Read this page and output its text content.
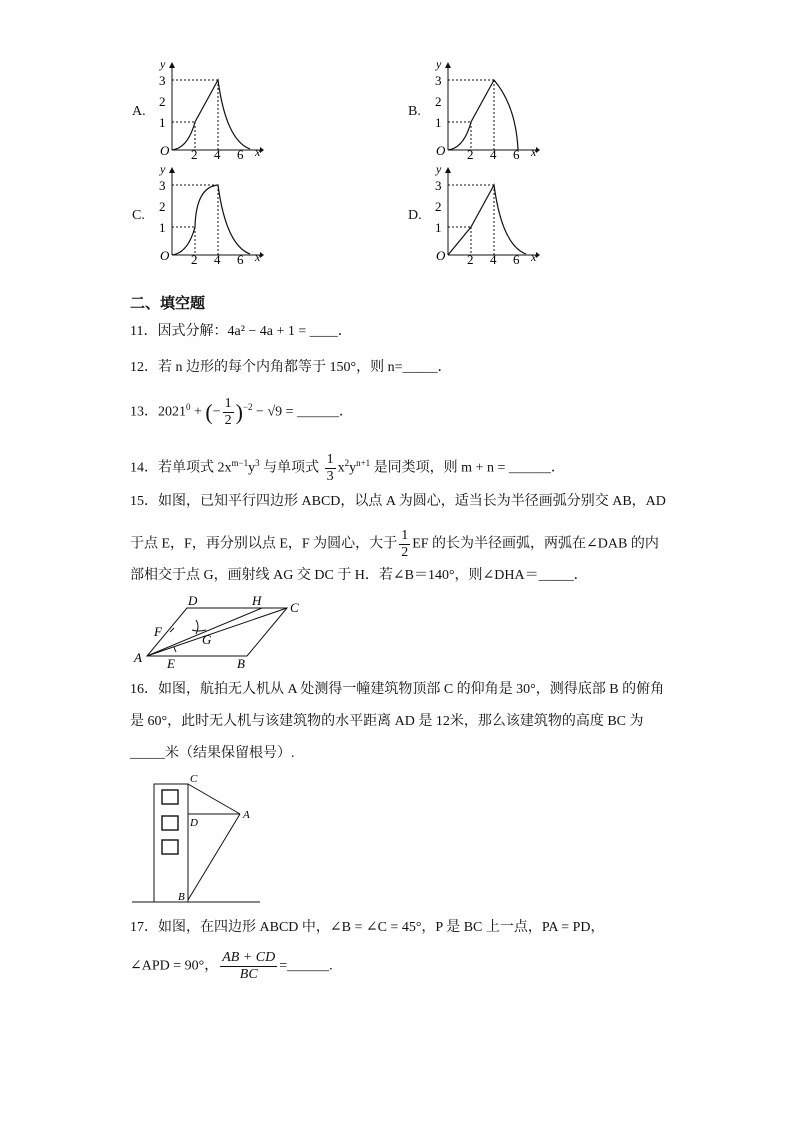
A.	B.
C.	D.
y
x
O
3
2
1
2 4 6
y
x
O
3
2
1
2 4 6
y
x
O
3
2
1
2 4 6
y
x
O
3
2
1
2 4 6
二、填空题
11．因式分解：4a² − 4a + 1 = ____．
12．若 n 边形的每个内角都等于 150°，则 n=_____．
13．$2021^0$ + (− $\frac{1}{2} )^{-2} - √9$ = ______．
14．若单项式 $2x^{m-1}y^3$ 与单项式 $\frac{1}{3} x^2y^{n+1}$ 是同类项，则 m + n = ______．
15．如图，已知平行四边形 ABCD，以点 A 为圆心，适当长为半径画弧分别交 AB，AD
于点 E，F，再分别以点 E，F 为圆心，大于 $\frac{1}{2}$ EF 的长为半径画弧，两弧在∠DAB 的内
部相交于点 G，画射线 AG 交 DC 于 H．若∠B＝140°，则∠DHA＝_____．
A	B
C
D
E
F
G
H
16．如图，航拍无人机从 A 处测得一幢建筑物顶部 C 的仰角是 30°，测得底部 B 的俯角
是 60°，此时无人机与该建筑物的水平距离 AD 是 12米，那么该建筑物的高度 BC 为
_____米（结果保留根号）.
C
D
A
B
17．如图，在四边形 ABCD 中，∠B = ∠C = 45°，P 是 BC 上一点，PA = PD，
∠APD = 90°， $\frac{AB + CD}{BC}$ =______.
